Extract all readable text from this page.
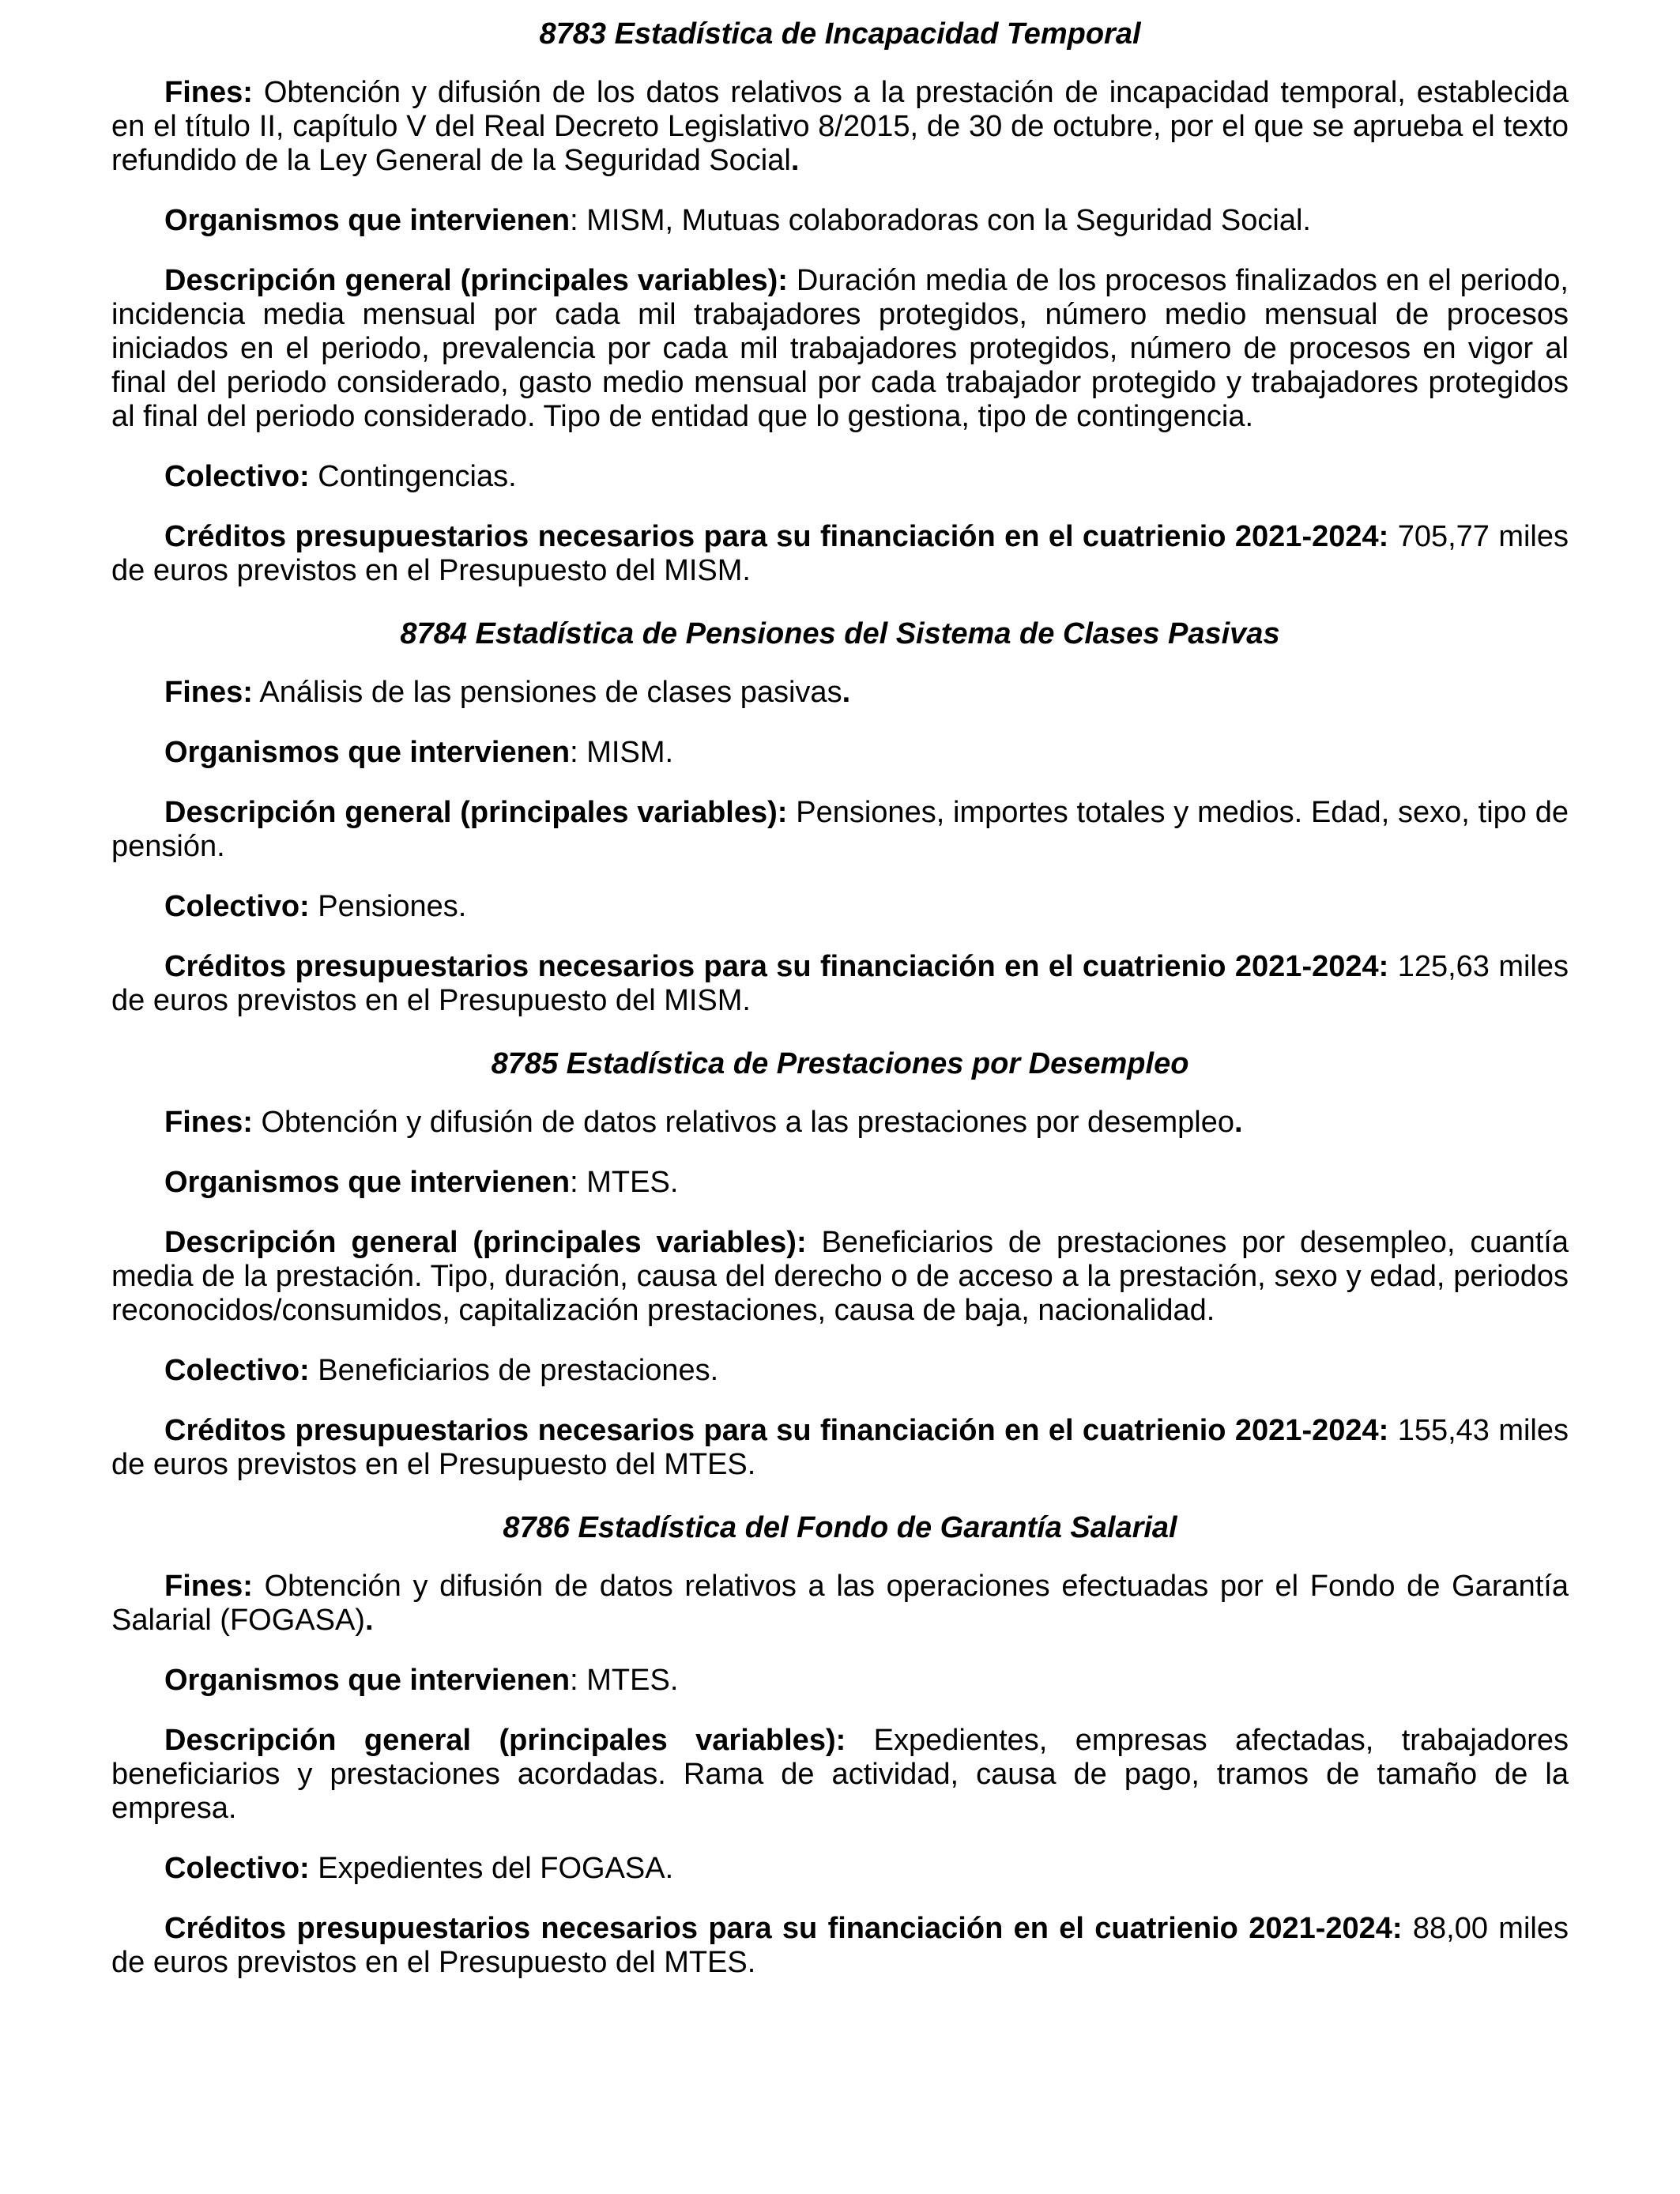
8783 Estadística de Incapacidad Temporal

Fines: Obtención y difusión de los datos relativos a la prestación de incapacidad temporal, establecida en el título II, capítulo V del Real Decreto Legislativo 8/2015, de 30 de octubre, por el que se aprueba el texto refundido de la Ley General de la Seguridad Social.

Organismos que intervienen: MISM, Mutuas colaboradoras con la Seguridad Social.

Descripción general (principales variables): Duración media de los procesos finalizados en el periodo, incidencia media mensual por cada mil trabajadores protegidos, número medio mensual de procesos iniciados en el periodo, prevalencia por cada mil trabajadores protegidos, número de procesos en vigor al final del periodo considerado, gasto medio mensual por cada trabajador protegido y trabajadores protegidos al final del periodo considerado. Tipo de entidad que lo gestiona, tipo de contingencia.

Colectivo: Contingencias.

Créditos presupuestarios necesarios para su financiación en el cuatrienio 2021-2024: 705,77 miles de euros previstos en el Presupuesto del MISM.

8784 Estadística de Pensiones del Sistema de Clases Pasivas

Fines: Análisis de las pensiones de clases pasivas.

Organismos que intervienen: MISM.

Descripción general (principales variables): Pensiones, importes totales y medios. Edad, sexo, tipo de pensión.

Colectivo: Pensiones.

Créditos presupuestarios necesarios para su financiación en el cuatrienio 2021-2024: 125,63 miles de euros previstos en el Presupuesto del MISM.

8785 Estadística de Prestaciones por Desempleo

Fines: Obtención y difusión de datos relativos a las prestaciones por desempleo.

Organismos que intervienen: MTES.

Descripción general (principales variables): Beneficiarios de prestaciones por desempleo, cuantía media de la prestación. Tipo, duración, causa del derecho o de acceso a la prestación, sexo y edad, periodos reconocidos/consumidos, capitalización prestaciones, causa de baja, nacionalidad.

Colectivo: Beneficiarios de prestaciones.

Créditos presupuestarios necesarios para su financiación en el cuatrienio 2021-2024: 155,43 miles de euros previstos en el Presupuesto del MTES.

8786 Estadística del Fondo de Garantía Salarial

Fines: Obtención y difusión de datos relativos a las operaciones efectuadas por el Fondo de Garantía Salarial (FOGASA).

Organismos que intervienen: MTES.

Descripción general (principales variables): Expedientes, empresas afectadas, trabajadores beneficiarios y prestaciones acordadas. Rama de actividad, causa de pago, tramos de tamaño de la empresa.

Colectivo: Expedientes del FOGASA.

Créditos presupuestarios necesarios para su financiación en el cuatrienio 2021-2024: 88,00 miles de euros previstos en el Presupuesto del MTES.
